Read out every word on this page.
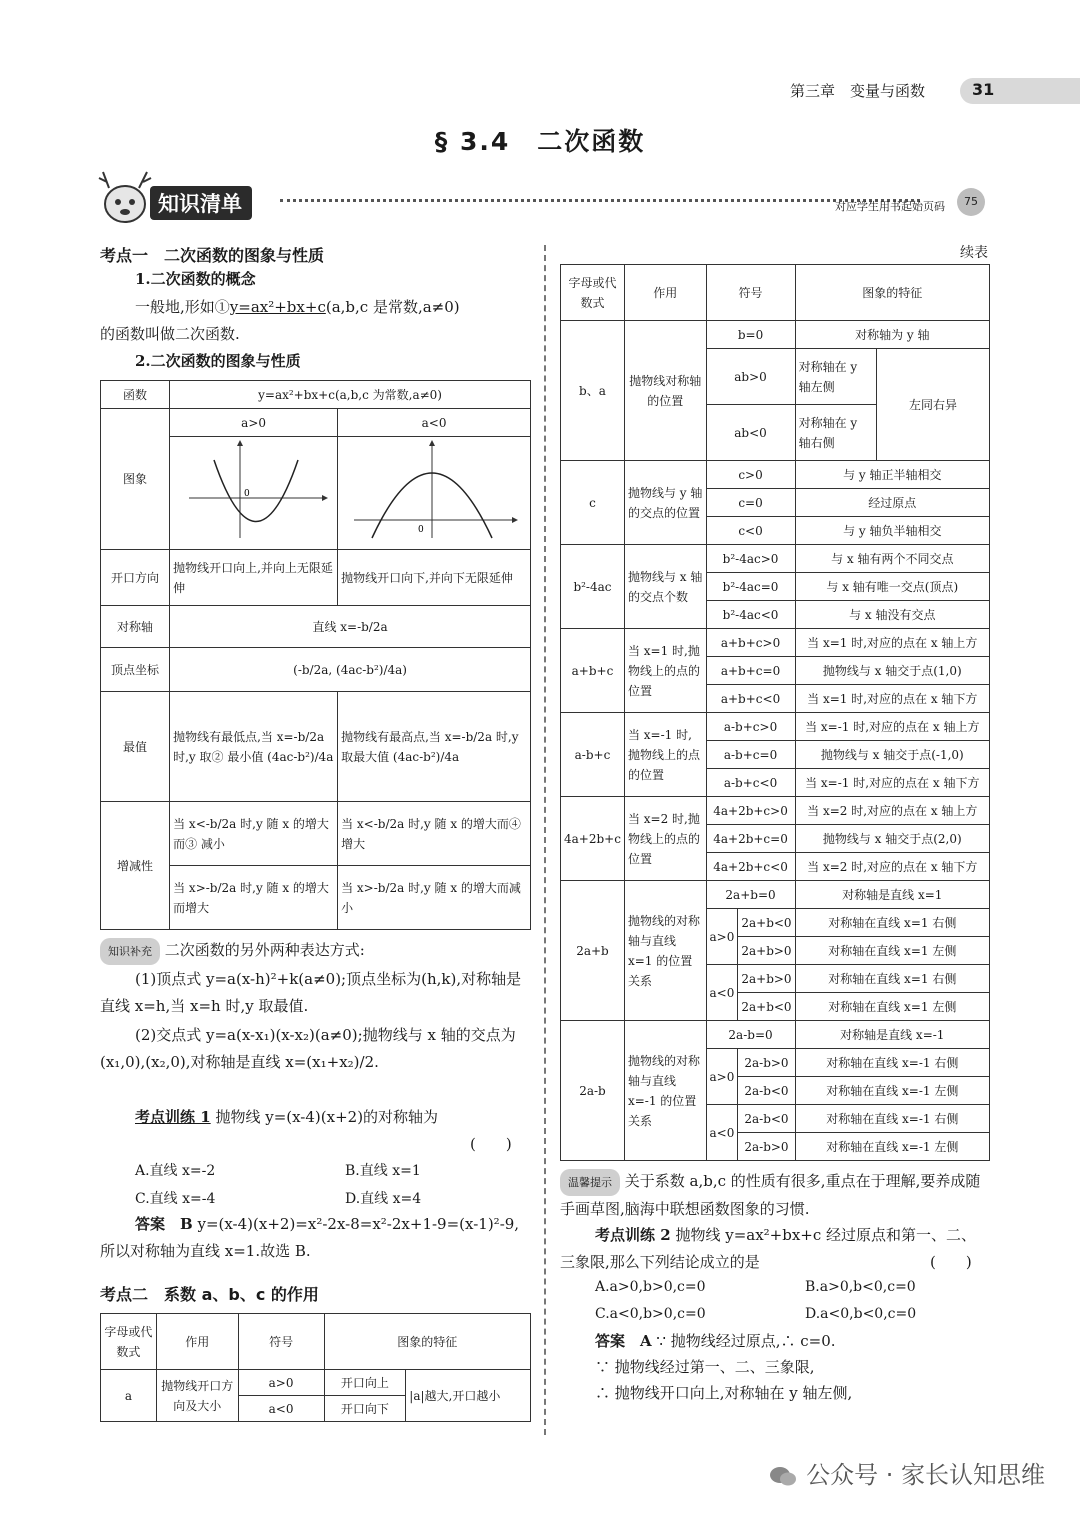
第三章　变量与函数	31
§ 3.4　二次函数
知识清单	对应学生用书起始页码	75
考点一　二次函数的图象与性质
1.二次函数的概念
一般地,形如①y=ax²+bx+c(a,b,c 是常数,a≠0)
的函数叫做二次函数.
2.二次函数的图象与性质
函数	y=ax²+bx+c(a,b,c 为常数,a≠0)	
图象	a>0	a<0

0	0

开口方向	抛物线开口向上,并向上无限延伸	抛物线开口向下,并向下无限延伸
对称轴	直线 x=-b/2a	
顶点坐标	(-b/2a, (4ac-b²)/4a)	
最值	抛物线有最低点,当 x=-b/2a 时,y 取② 最小值 (4ac-b²)/4a	抛物线有最高点,当 x=-b/2a 时,y 取最大值 (4ac-b²)/4a
增减性	当 x<-b/2a 时,y 随 x 的增大而③ 减小	当 x<-b/2a 时,y 随 x 的增大而④ 增大
	当 x>-b/2a 时,y 随 x 的增大而增大	当 x>-b/2a 时,y 随 x 的增大而减小
知识补充 二次函数的另外两种表达方式:
(1)顶点式 y=a(x-h)²+k(a≠0);顶点坐标为(h,k),对称轴是直线 x=h,当 x=h 时,y 取最值.
(2)交点式 y=a(x-x₁)(x-x₂)(a≠0);抛物线与 x 轴的交点为(x₁,0),(x₂,0),对称轴是直线 x=(x₁+x₂)/2.
考点训练 1 抛物线 y=(x-4)(x+2)的对称轴为
(　　)
A.直线 x=-2	B.直线 x=1
C.直线 x=-4	D.直线 x=4
答案　B y=(x-4)(x+2)=x²-2x-8=x²-2x+1-9=(x-1)²-9,所以对称轴为直线 x=1.故选 B.
考点二　系数 a、b、c 的作用
字母或代数式	作用	符号	图象的特征	
a	抛物线开口方向及大小	a>0	开口向上	|a|越大,开口越小
		a<0	开口向下	
续表
字母或代数式	作用	符号		图象的特征	
b、a	抛物线对称轴的位置	b=0		对称轴为 y 轴	
		ab>0		对称轴在 y 轴左侧	左同右异
		ab<0		对称轴在 y 轴右侧	
c	抛物线与 y 轴的交点的位置	c>0		与 y 轴正半轴相交	
		c=0		经过原点	
		c<0		与 y 轴负半轴相交	
b²-4ac	抛物线与 x 轴的交点个数	b²-4ac>0		与 x 轴有两个不同交点	
		b²-4ac=0		与 x 轴有唯一交点(顶点)	
		b²-4ac<0		与 x 轴没有交点	
a+b+c	当 x=1 时,抛物线上的点的位置	a+b+c>0		当 x=1 时,对应的点在 x 轴上方	
		a+b+c=0		抛物线与 x 轴交于点(1,0)	
		a+b+c<0		当 x=1 时,对应的点在 x 轴下方	
a-b+c	当 x=-1 时,抛物线上的点的位置	a-b+c>0		当 x=-1 时,对应的点在 x 轴上方	
		a-b+c=0		抛物线与 x 轴交于点(-1,0)	
		a-b+c<0		当 x=-1 时,对应的点在 x 轴下方	
4a+2b+c	当 x=2 时,抛物线上的点的位置	4a+2b+c>0		当 x=2 时,对应的点在 x 轴上方	
		4a+2b+c=0		抛物线与 x 轴交于点(2,0)	
		4a+2b+c<0		当 x=2 时,对应的点在 x 轴下方	
2a+b	抛物线的对称轴与直线 x=1 的位置关系	2a+b=0		对称轴是直线 x=1	
		a>0	2a+b<0	对称轴在直线 x=1 右侧	
			2a+b>0	对称轴在直线 x=1 左侧	
		a<0	2a+b>0	对称轴在直线 x=1 右侧	
			2a+b<0	对称轴在直线 x=1 左侧	
2a-b	抛物线的对称轴与直线 x=-1 的位置关系	2a-b=0		对称轴是直线 x=-1	
		a>0	2a-b>0	对称轴在直线 x=-1 右侧	
			2a-b<0	对称轴在直线 x=-1 左侧	
		a<0	2a-b<0	对称轴在直线 x=-1 右侧	
			2a-b>0	对称轴在直线 x=-1 左侧	
温馨提示 关于系数 a,b,c 的性质有很多,重点在于理解,要养成随手画草图,脑海中联想函数图象的习惯.
考点训练 2 抛物线 y=ax²+bx+c 经过原点和第一、二、三象限,那么下列结论成立的是	(　　)
A.a>0,b>0,c=0	B.a>0,b<0,c=0
C.a<0,b>0,c=0	D.a<0,b<0,c=0
答案　A ∵ 抛物线经过原点,∴ c=0.
∵ 抛物线经过第一、二、三象限,
∴ 抛物线开口向上,对称轴在 y 轴左侧,
公众号 · 家长认知思维
